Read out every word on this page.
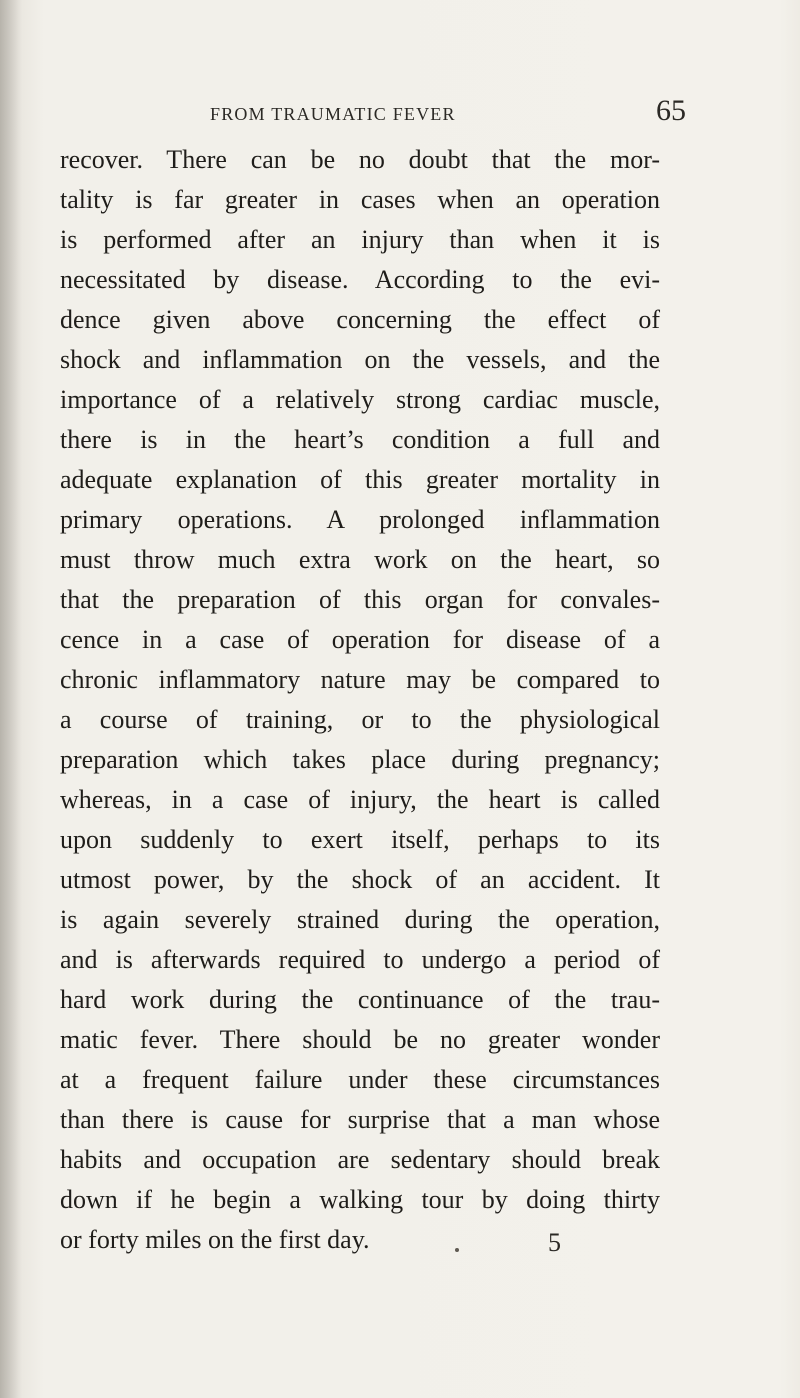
FROM TRAUMATIC FEVER	65
recover. There can be no doubt that the mor-
tality is far greater in cases when an operation
is performed after an injury than when it is
necessitated by disease. According to the evi-
dence given above concerning the effect of
shock and inflammation on the vessels, and the
importance of a relatively strong cardiac muscle,
there is in the heart’s condition a full and
adequate explanation of this greater mortality in
primary operations. A prolonged inflammation
must throw much extra work on the heart, so
that the preparation of this organ for convales-
cence in a case of operation for disease of a
chronic inflammatory nature may be compared to
a course of training, or to the physiological
preparation which takes place during pregnancy;
whereas, in a case of injury, the heart is called
upon suddenly to exert itself, perhaps to its
utmost power, by the shock of an accident. It
is again severely strained during the operation,
and is afterwards required to undergo a period of
hard work during the continuance of the trau-
matic fever. There should be no greater wonder
at a frequent failure under these circumstances
than there is cause for surprise that a man whose
habits and occupation are sedentary should break
down if he begin a walking tour by doing thirty
or forty miles on the first day.	5
